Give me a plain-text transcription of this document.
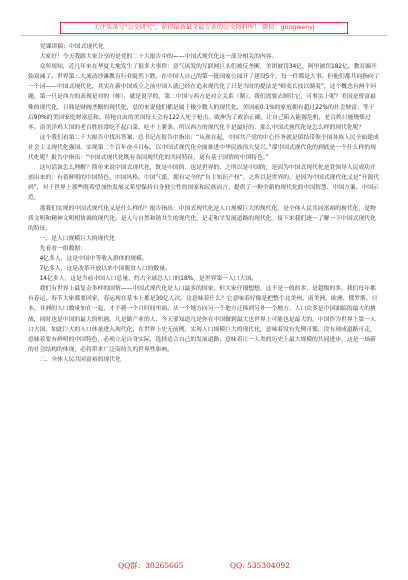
关注头条号"公文研究"，获得最新最全最专业的公文资料库！ 微信：gongwenyj

党课讲稿：中国式现代化

大家好！今天我跟大家分享的是党的二十大报告中的——中国式现代化这一部分相关的内容。

众所周知，近几年来在华夏大地发生了很多大事件：意气风发的互联网巨头们被反垄断，美团被罚34亿，阿里被罚182亿。教育圈开始双减了，世界第二大流动沙滩教育行业陡然下跌。在中国人自己的第一批国家公园开了建设5个，每一件都是大事。但他们都共同指向了一个词——中国式现代化。其实在新中国成立之前中国人就已经在追求现代化了只是当时的提法是“师夷长技以制夷”，这个概念有两个问题，第一只是西方的表现是对的（师），就是说学的，第二中国与西方是对立关系（制），我们需要去制住它，可事实上呢？美国是资富悬殊的现代化，日韩是财阀垄断的现代化，总的来说他们都是属于极少数人的现代化，美国前0.1%的家庭拥有超过22%的社会财富；等于后90%的美国家庭财富总和。持枪自由的美国每天会有122人死于枪击。欧洲为了政治正确，让自己陷入能源危机，老百姓只能烧柴过冬。南美洋鸡大国的老百姓经常吃不起白菜，吃不上薯条。所以西方的现代化不是最好的，那么中国式现代化是怎么样的现代化呢？

这个我们看第二十大报告中找出答案，总书记在报告中指出：“从现在起，中国共产党的中心任务就是团结带领全国各族人民全面建成社会主义现代化强国、实现第二个百年奋斗目标，以中国式现代化全面推进中华民族伟大复兴。”那中国式现代化的到底是一个什么样的现代化呢？报告中指出：“中国式现代化既有各国现代化的共同特征，更有基于国情的中国特色。”

这句话该怎么理解？简单来说中国式现代化，既是中国的，也是世界的，之所以是中国的，是因为中国式现代化是党领导人民成功开创出来的，有着鲜明的中国特色，中国风格、中国气派，拥有完全的“自主知识产权”，之所以是世界的，是因为中国式现代化又是“开源代码”，对于世界上那些既希望加快发展又希望保持自身独立性的国家和民族而言，提供了一种全新的现代化的中国智慧、中国方案、中国示范。

那我们实现的中国式现代化又是什么样的？报告指出：中国式现代化是人口规模巨大的现代化，是全体人民共同富裕的现代化，是物质文明和精神文明相协调的现代化，是人与自然和谐共生的现代化，是走和平发展道路的现代化。接下来我们逐一了解一下中国式现代化的特征。

一、是人口规模巨大的现代化

先看看一组数据：

4亿多人，这是中国中等收入群体的规模。

7亿多人，这是改革开放以来中国脱贫人口的数量。

14亿多人，这是当前中国人口总量，约占全球总人口的18%，是世界第一人口大国。

我们有世界上最复杂多样的国情——中国式现代化是人口最多的国家。但大家仔细想想，这不是一般的多，是超级的多。我们每年都有春运，春节大家都要回家，春运现在基本上都是30亿人次。这意味着什么？它意味着好像是把整个北美州、南美洲、欧洲、俄罗斯、日本、非洲的人口数量加在一起，才不到一个月时间里面，从一个地方向另一个地方迁移到另外一个地方。人口众多是中国面临的最大的挑战，同时也是中国的最大的机遇。凡是做产业的人，今天要知道凡是你在中国做到最大也世界上可能也是最大的，中国作为世界上第一人口大国，如此巨大的人口体量进入现代化，在世界上史无前例，实现人口规模巨大的现代化，意味着没有先例可循，没有现成道路可走，意味着要有鲜明的中国特色，必须立足自身实际，选择适合自己的发展道路；意味着让一人类的历史上最大规模的共同进步，这是一场新的社会结构的体现，必将带来广泛而持久的世界性影响。

二、全体人民共同富裕的现代化

QQ群：30265665	QQ: 535304092
